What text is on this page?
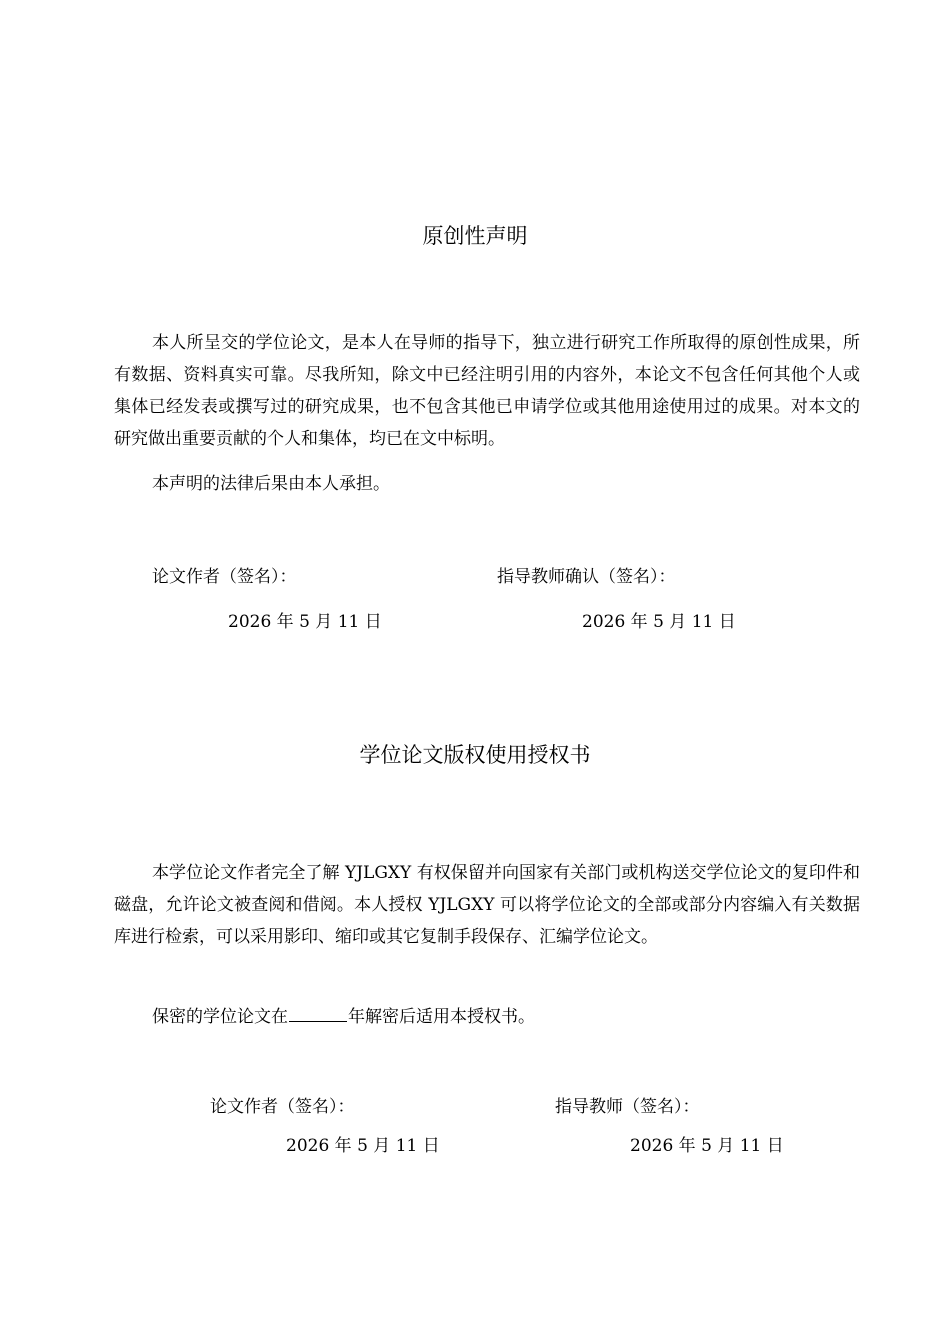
原创性声明

本人所呈交的学位论文，是本人在导师的指导下，独立进行研究工作所取得的原创性成果，所有数据、资料真实可靠。尽我所知，除文中已经注明引用的内容外，本论文不包含任何其他个人或集体已经发表或撰写过的研究成果，也不包含其他已申请学位或其他用途使用过的成果。对本文的研究做出重要贡献的个人和集体，均已在文中标明。

本声明的法律后果由本人承担。

论文作者（签名）：	指导教师确认（签名）：
2026 年 5 月 11 日	2026 年 5 月 11 日
学位论文版权使用授权书

本学位论文作者完全了解 YJLGXY 有权保留并向国家有关部门或机构送交学位论文的复印件和磁盘，允许论文被查阅和借阅。本人授权 YJLGXY 可以将学位论文的全部或部分内容编入有关数据库进行检索，可以采用影印、缩印或其它复制手段保存、汇编学位论文。

保密的学位论文在	年解密后适用本授权书。
论文作者（签名）：	指导教师（签名）：
2026 年 5 月 11 日	2026 年 5 月 11 日
